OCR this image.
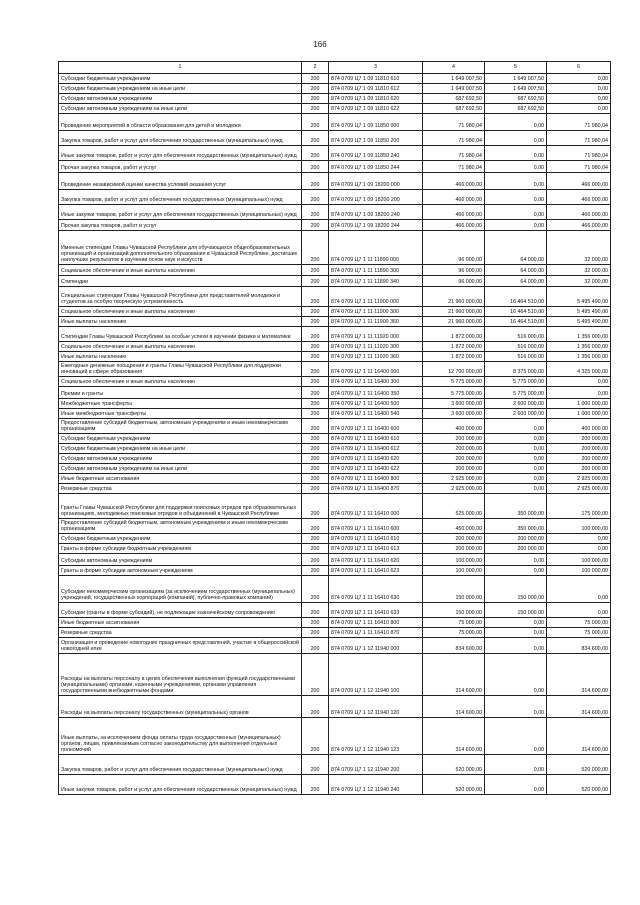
166
1	2	3	4	5	6
Субсидии бюджетным учреждениям	200	874 0709 Ц7 1 09 11810 610	1 649 007,50	1 649 007,50	0,00
Субсидии бюджетным учреждениям на иные цели	200	874 0709 Ц7 1 09 11810 612	1 649 007,50	1 649 007,50	0,00
Субсидии автономным учреждениям	200	874 0709 Ц7 1 09 11810 620	687 692,50	687 692,50	0,00
Субсидии автономным учреждениям на иные цели	200	874 0709 Ц7 1 09 11810 622	687 692,50	687 692,50	0,00
Проведение мероприятий в области образования для детей и молодежи	200	874 0709 Ц7 1 09 11850 000	71 980,04	0,00	71 980,04
Закупка товаров, работ и услуг для обеспечения государственных (муниципальных) нужд	200	874 0709 Ц7 1 09 11850 200	71 980,04	0,00	71 980,04
Иные закупки товаров, работ и услуг для обеспечения государственных (муниципальных) нужд	200	874 0709 Ц7 1 09 11850 240	71 980,04	0,00	71 980,04
Прочая закупка товаров, работ и услуг	200	874 0709 Ц7 1 09 11850 244	71 980,04	0,00	71 980,04
Проведение независимой оценки качества условий оказания услуг	200	874 0709 Ц7 1 09 18200 000	466 000,00	0,00	466 000,00
Закупка товаров, работ и услуг для обеспечения государственных (муниципальных) нужд	200	874 0709 Ц7 1 09 18200 200	466 000,00	0,00	466 000,00
Иные закупки товаров, работ и услуг для обеспечения государственных (муниципальных) нужд	200	874 0709 Ц7 1 09 18200 240	466 000,00	0,00	466 000,00
Прочая закупка товаров, работ и услуг	200	874 0709 Ц7 1 09 18200 244	466 000,00	0,00	466 000,00
Именные стипендии Главы Чувашской Республики для обучающихся общеобразовательных организаций и организаций дополнительного образования в Чувашской Республике, достигших наилучших результатов в изучении основ наук и искусств	200	874 0709 Ц7 1 11 11890 000	96 000,00	64 000,00	32 000,00
Социальное обеспечение и иные выплаты населению	200	874 0709 Ц7 1 11 11890 300	96 000,00	64 000,00	32 000,00
Стипендии	200	874 0709 Ц7 1 11 11890 340	96 000,00	64 000,00	32 000,00
Специальные стипендии Главы Чувашской Республики для представителей молодежи и студентов за особую творческую устремленность	200	874 0709 Ц7 1 11 11900 000	21 960 000,00	16 464 510,00	5 495 490,00
Социальное обеспечение и иные выплаты населению	200	874 0709 Ц7 1 11 11900 300	21 960 000,00	16 464 510,00	5 495 490,00
Иные выплаты населению	200	874 0709 Ц7 1 11 11900 360	21 960 000,00	16 464 510,00	5 495 490,00
Стипендии Главы Чувашской Республики за особые успехи в изучении физики и математики	200	874 0709 Ц7 1 11 11920 000	1 872 000,00	516 000,00	1 356 000,00
Социальное обеспечение и иные выплаты населению	200	874 0709 Ц7 1 11 11920 300	1 872 000,00	516 000,00	1 356 000,00
Иные выплаты населению	200	874 0709 Ц7 1 11 11920 360	1 872 000,00	516 000,00	1 356 000,00
Ежегодные денежные поощрения и гранты Главы Чувашской Республики для поддержки инноваций в сфере образования	200	874 0709 Ц7 1 11 16400 000	12 700 000,00	8 375 000,00	4 325 000,00
Социальное обеспечение и иные выплаты населению	200	874 0709 Ц7 1 11 16400 300	5 775 000,00	5 775 000,00	0,00
Премии и гранты	200	874 0709 Ц7 1 11 16400 350	5 775 000,00	5 775 000,00	0,00
Межбюджетные трансферты	200	874 0709 Ц7 1 11 16400 500	3 600 000,00	2 600 000,00	1 000 000,00
Иные межбюджетные трансферты	200	874 0709 Ц7 1 11 16400 540	3 600 000,00	2 600 000,00	1 000 000,00
Предоставление субсидий бюджетным, автономным учреждениям и иным некоммерческим организациям	200	874 0709 Ц7 1 11 16400 600	400 000,00	0,00	400 000,00
Субсидии бюджетным учреждениям	200	874 0709 Ц7 1 11 16400 610	200 000,00	0,00	200 000,00
Субсидии бюджетным учреждениям на иные цели	200	874 0709 Ц7 1 11 16400 612	200 000,00	0,00	200 000,00
Субсидии автономным учреждениям	200	874 0709 Ц7 1 11 16400 620	200 000,00	0,00	200 000,00
Субсидии автономным учреждениям на иные цели	200	874 0709 Ц7 1 11 16400 622	200 000,00	0,00	200 000,00
Иные бюджетные ассигнования	200	874 0709 Ц7 1 11 16400 800	2 925 000,00	0,00	2 925 000,00
Резервные средства	200	874 0709 Ц7 1 11 16400 870	2 925 000,00	0,00	2 925 000,00
Гранты Главы Чувашской Республики для поддержки поисковых отрядов при образовательных организациях, молодежных поисковых отрядов и объединений в Чувашской Республике	200	874 0709 Ц7 1 11 16410 000	525 000,00	350 000,00	175 000,00
Предоставление субсидий бюджетным, автономным учреждениям и иным некоммерческим организациям	200	874 0709 Ц7 1 11 16410 600	450 000,00	350 000,00	100 000,00
Субсидии бюджетным учреждениям	200	874 0709 Ц7 1 11 16410 610	200 000,00	200 000,00	0,00
Гранты в форме субсидии бюджетным учреждениям	200	874 0709 Ц7 1 11 16410 613	200 000,00	200 000,00	0,00
Субсидии автономным учреждениям	200	874 0709 Ц7 1 11 16410 620	100 000,00	0,00	100 000,00
Гранты в форме субсидии автономным учреждениям	200	874 0709 Ц7 1 11 16410 623	100 000,00	0,00	100 000,00
Субсидии некоммерческим организациям (за исключением государственных (муниципальных) учреждений, государственных корпораций (компаний), публично-правовых компаний)	200	874 0709 Ц7 1 11 16410 630	150 000,00	150 000,00	0,00
Субсидии (гранты в форме субсидий), не подлежащие казначейскому сопровождению	200	874 0709 Ц7 1 11 16410 633	150 000,00	150 000,00	0,00
Иные бюджетные ассигнования	200	874 0709 Ц7 1 11 16410 800	75 000,00	0,00	75 000,00
Резервные средства	200	874 0709 Ц7 1 11 16410 870	75 000,00	0,00	75 000,00
Организация и проведение новогодних праздничных представлений, участие в общероссийской новогодней елке	200	874 0709 Ц7 1 12 11940 000	834 600,00	0,00	834 600,00
Расходы на выплаты персоналу в целях обеспечения выполнения функций государственными (муниципальными) органами, казенными учреждениями, органами управления государственными внебюджетными фондами	200	874 0709 Ц7 1 12 11940 100	314 600,00	0,00	314 600,00
Расходы на выплаты персоналу государственных (муниципальных) органов	200	874 0709 Ц7 1 12 11940 120	314 600,00	0,00	314 600,00
Иные выплаты, за исключением фонда оплаты труда государственных (муниципальных) органов, лицам, привлекаемым согласно законодательству для выполнения отдельных полномочий	200	874 0709 Ц7 1 12 11940 123	314 600,00	0,00	314 600,00
Закупка товаров, работ и услуг для обеспечения государственных (муниципальных) нужд	200	874 0709 Ц7 1 12 11940 200	520 000,00	0,00	520 000,00
Иные закупки товаров, работ и услуг для обеспечения государственных (муниципальных) нужд	200	874 0709 Ц7 1 12 11940 240	520 000,00	0,00	520 000,00
